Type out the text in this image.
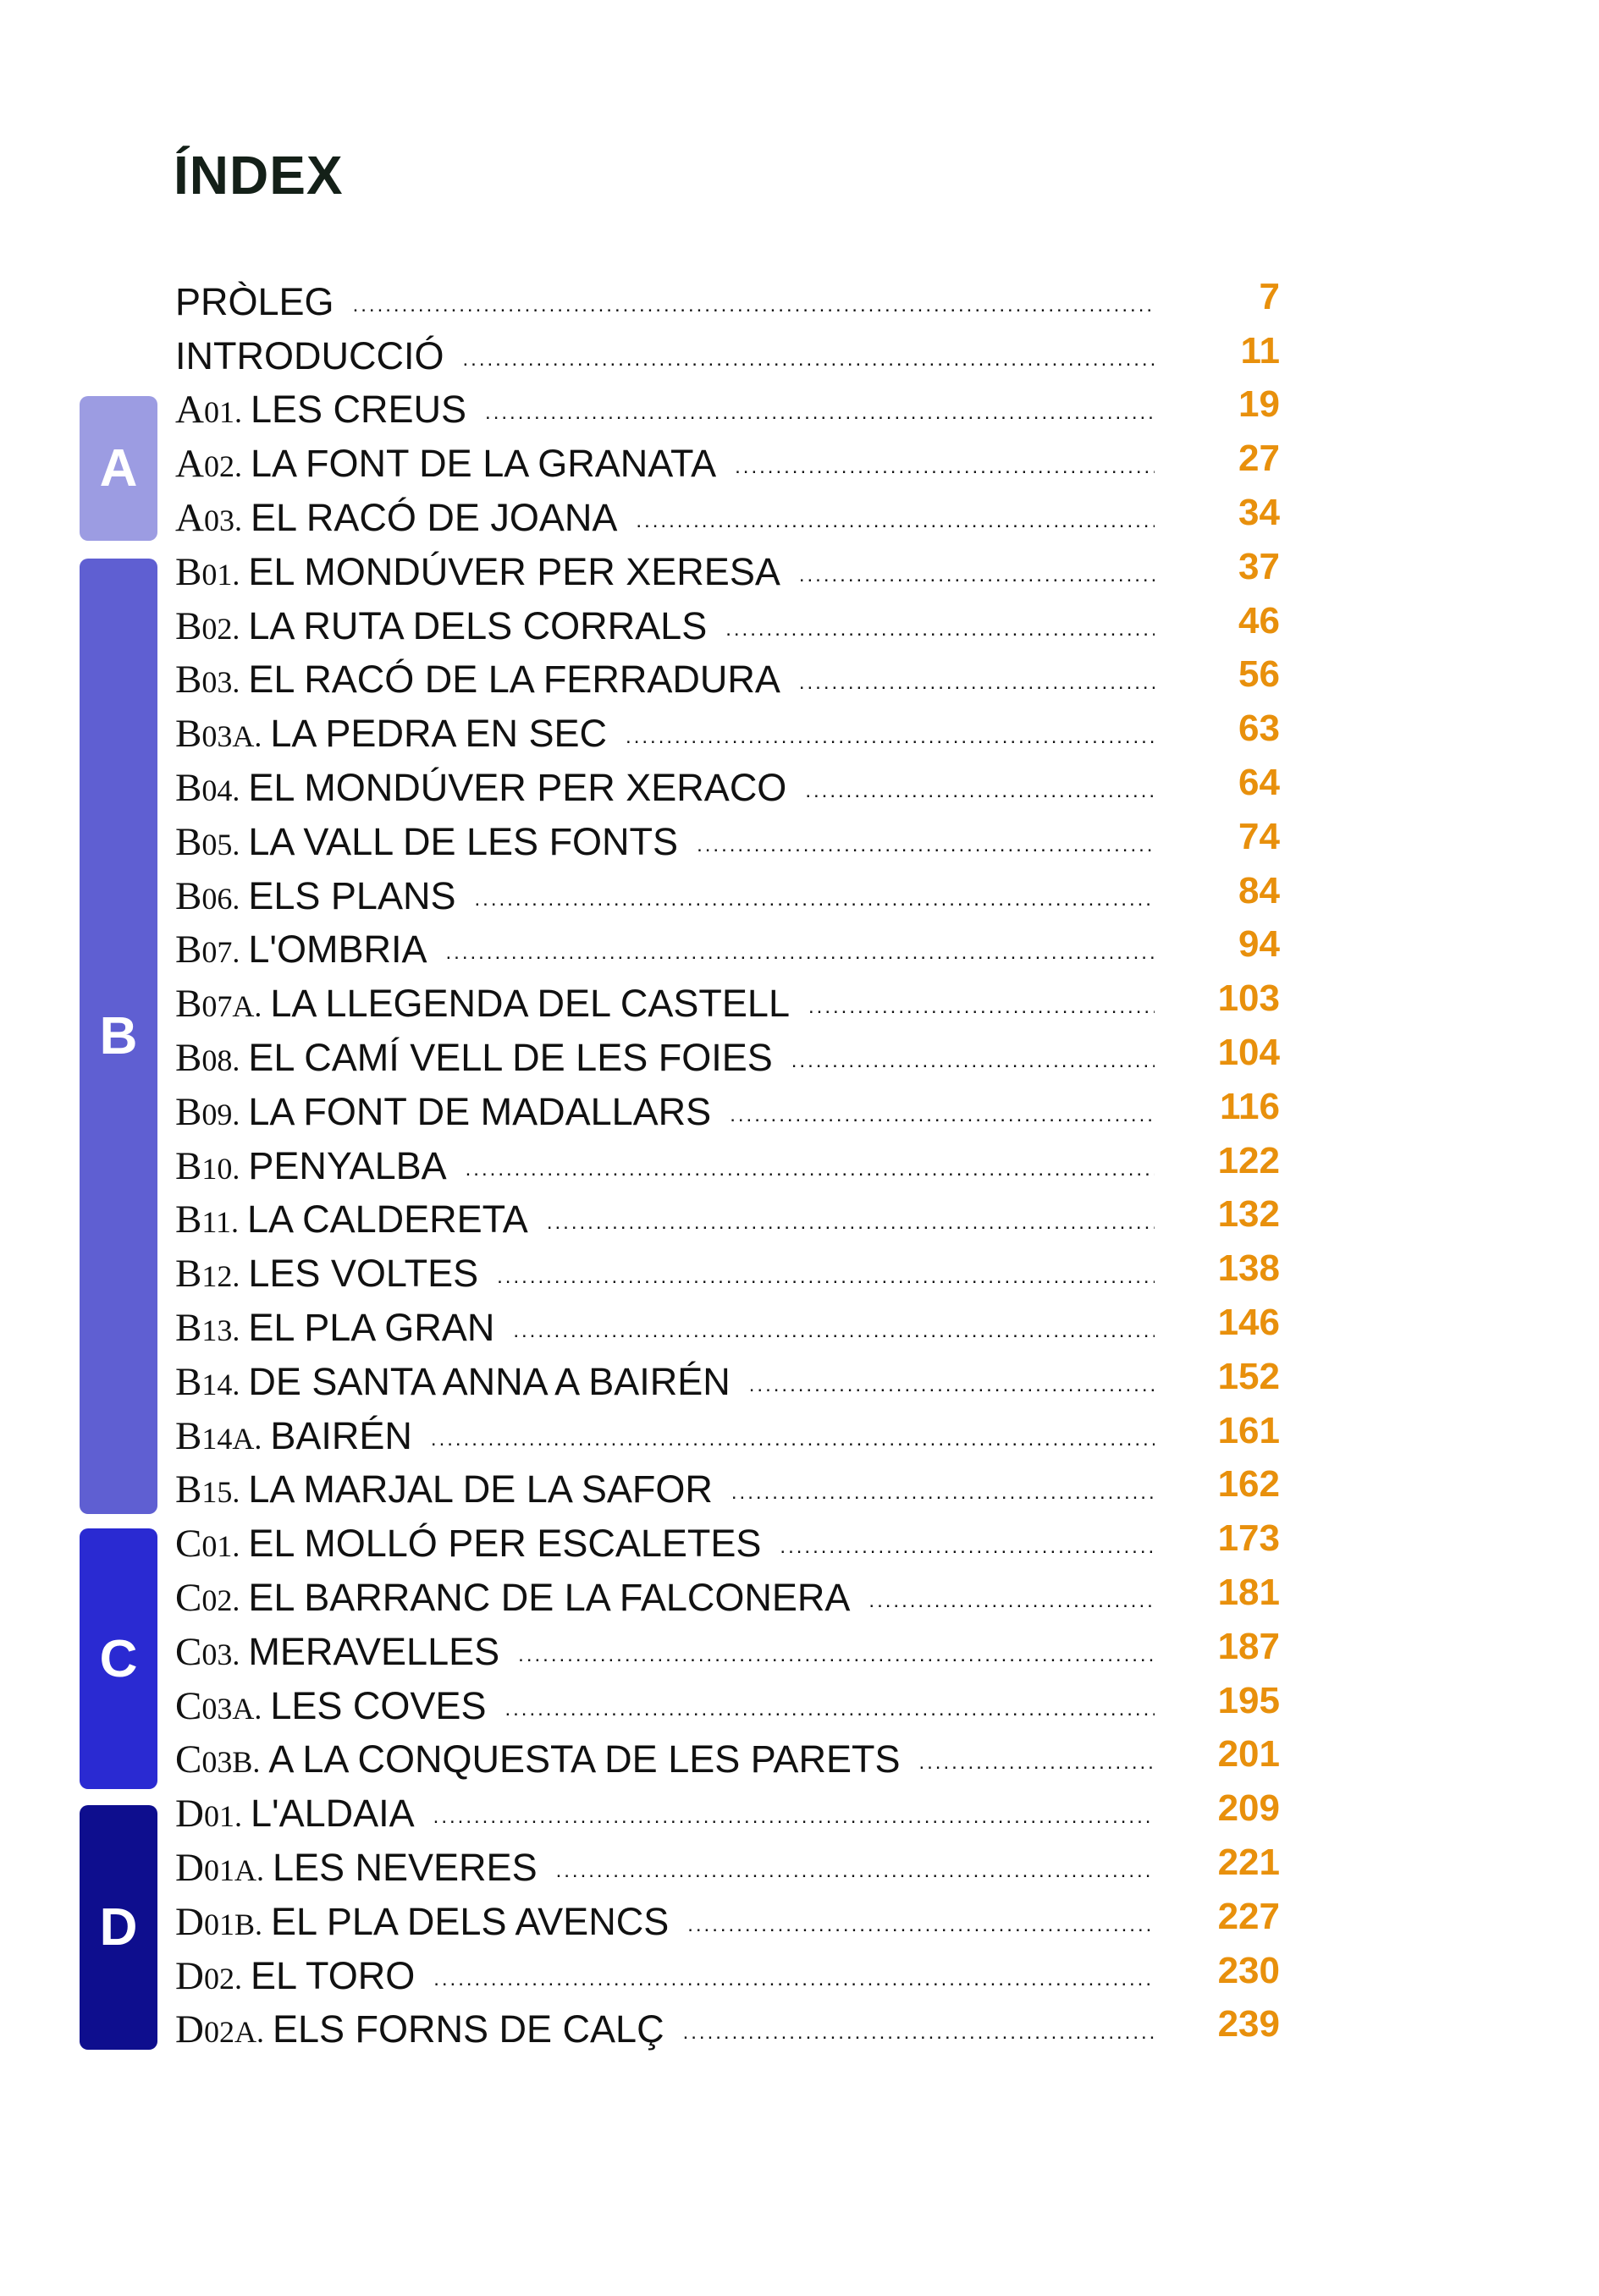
ÍNDEX
A
B
C
D
PRÒLEG .....	7
INTRODUCCIÓ .....	11
A01. LES CREUS .....	19
A02. LA FONT DE LA GRANATA .....	27
A03. EL RACÓ DE JOANA .....	34
B01. EL MONDÚVER PER XERESA .....	37
B02. LA RUTA DELS CORRALS .....	46
B03. EL RACÓ DE LA FERRADURA .....	56
B03A. LA PEDRA EN SEC .....	63
B04. EL MONDÚVER PER XERACO .....	64
B05. LA VALL DE LES FONTS .....	74
B06. ELS PLANS .....	84
B07. L'OMBRIA .....	94
B07A. LA LLEGENDA DEL CASTELL .....	103
B08. EL CAMÍ VELL DE LES FOIES .....	104
B09. LA FONT DE MADALLARS .....	116
B10. PENYALBA .....	122
B11. LA CALDERETA .....	132
B12. LES VOLTES .....	138
B13. EL PLA GRAN .....	146
B14. DE SANTA ANNA A BAIRÉN .....	152
B14A. BAIRÉN .....	161
B15. LA MARJAL DE LA SAFOR .....	162
C01. EL MOLLÓ PER ESCALETES .....	173
C02. EL BARRANC DE LA FALCONERA .....	181
C03. MERAVELLES .....	187
C03A. LES COVES .....	195
C03B. A LA CONQUESTA DE LES PARETS .....	201
D01. L'ALDAIA .....	209
D01A. LES NEVERES .....	221
D01B. EL PLA DELS AVENCS .....	227
D02. EL TORO .....	230
D02A. ELS FORNS DE CALÇ .....	239
